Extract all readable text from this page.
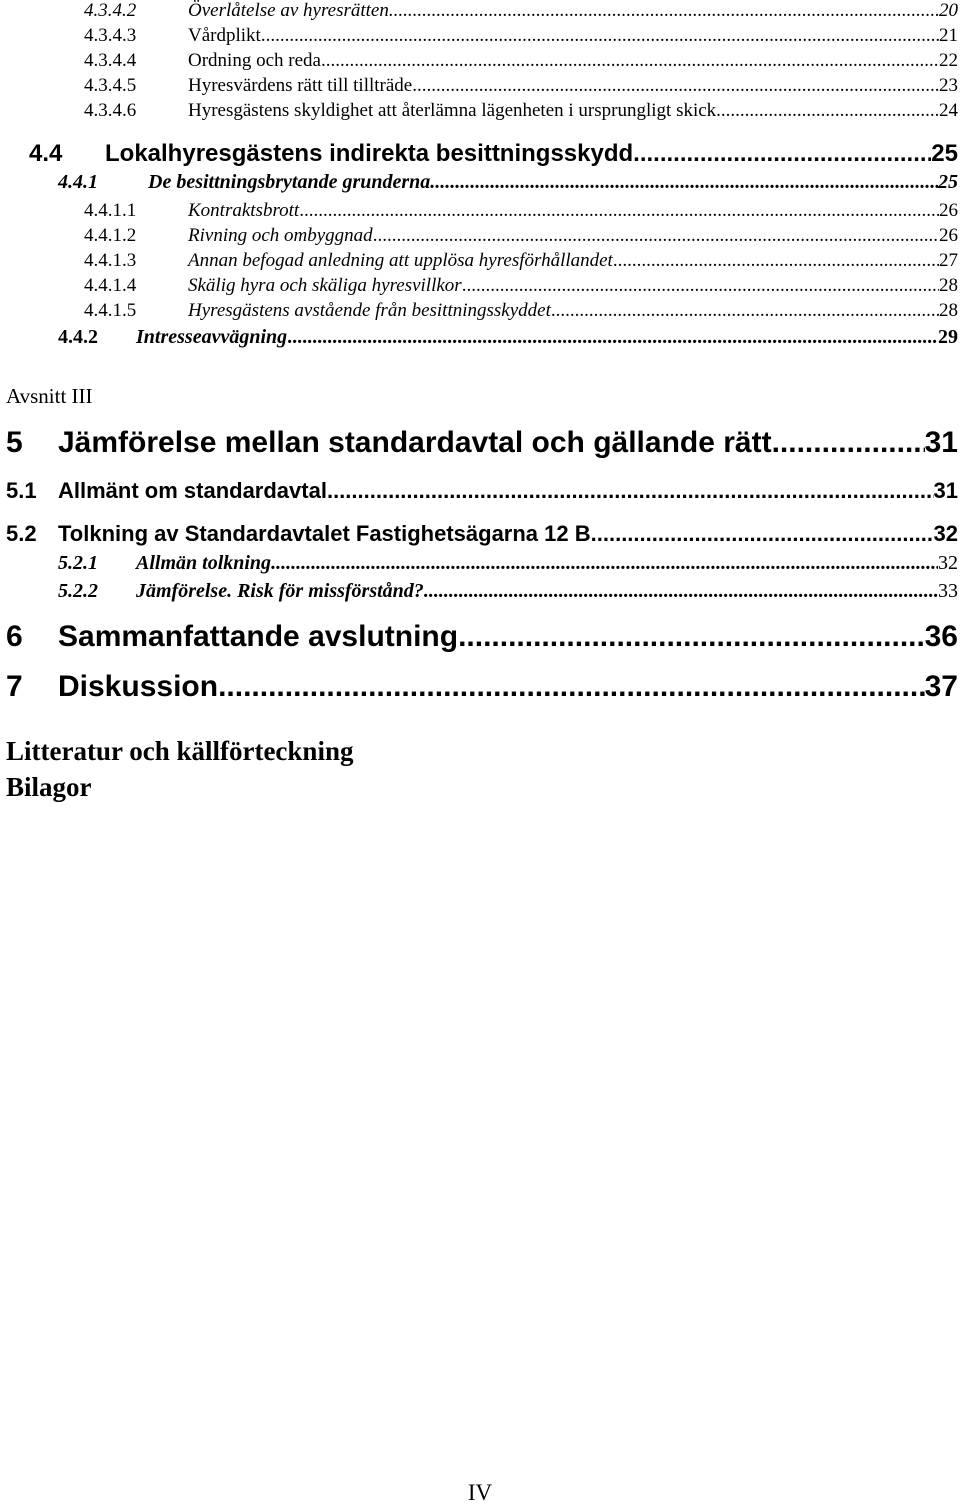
4.3.4.2	Överlåtelse av hyresrätten .....	20
4.3.4.3	Vårdplikt .....	21
4.3.4.4	Ordning och reda .....	22
4.3.4.5	Hyresvärdens rätt till tillträde .....	23
4.3.4.6	Hyresgästens skyldighet att återlämna lägenheten i ursprungligt skick .....	24
4.4	Lokalhyresgästens indirekta besittningsskydd .....	25
4.4.1	De besittningsbrytande grunderna .....	25
4.4.1.1	Kontraktsbrott .....	26
4.4.1.2	Rivning och ombyggnad .....	26
4.4.1.3	Annan befogad anledning att upplösa hyresförhållandet .....	27
4.4.1.4	Skälig hyra och skäliga hyresvillkor .....	28
4.4.1.5	Hyresgästens avstående från besittningsskyddet .....	28
4.4.2	Intresseavvägning .....	29
Avsnitt III
5	Jämförelse mellan standardavtal och gällande rätt .....	31
5.1 Allmänt om standardavtal .....	31
5.2 Tolkning av Standardavtalet Fastighetsägarna 12 B. .....	32
5.2.1	Allmän tolkning .....	32
5.2.2	Jämförelse. Risk för missförstånd? .....	33
6	Sammanfattande avslutning .....	36
7	Diskussion .....	37
Litteratur och källförteckning
Bilagor
IV
